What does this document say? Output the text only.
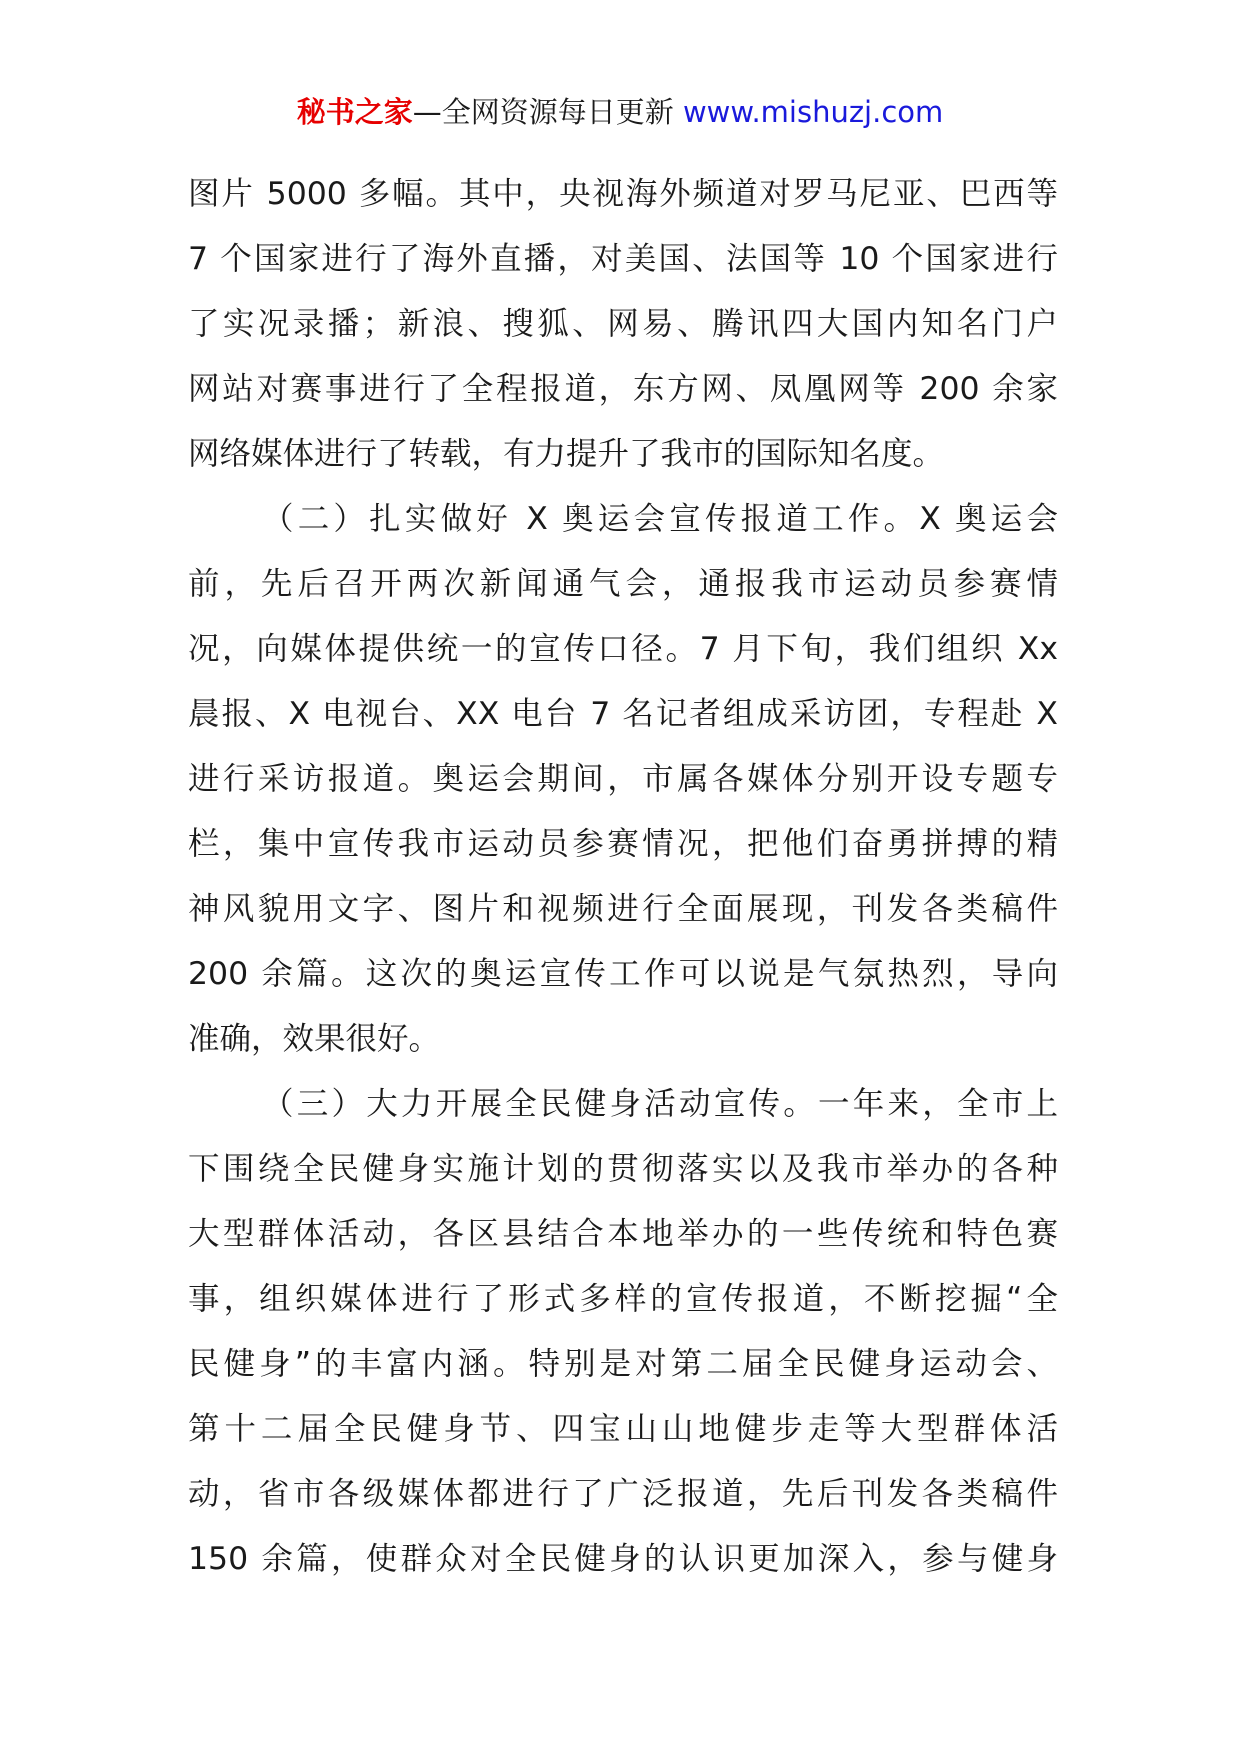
秘书之家—全网资源每日更新 www.mishuzj.com
图片 5000 多幅。其中，央视海外频道对罗马尼亚、巴西等
7 个国家进行了海外直播，对美国、法国等 10 个国家进行
了实况录播；新浪、搜狐、网易、腾讯四大国内知名门户
网站对赛事进行了全程报道，东方网、凤凰网等 200 余家
网络媒体进行了转载，有力提升了我市的国际知名度。
（二）扎实做好 X 奥运会宣传报道工作。X 奥运会
前，先后召开两次新闻通气会，通报我市运动员参赛情
况，向媒体提供统一的宣传口径。7 月下旬，我们组织 Xx
晨报、X 电视台、XX 电台 7 名记者组成采访团，专程赴 X
进行采访报道。奥运会期间，市属各媒体分别开设专题专
栏，集中宣传我市运动员参赛情况，把他们奋勇拼搏的精
神风貌用文字、图片和视频进行全面展现，刊发各类稿件
200 余篇。这次的奥运宣传工作可以说是气氛热烈，导向
准确，效果很好。
（三）大力开展全民健身活动宣传。一年来，全市上
下围绕全民健身实施计划的贯彻落实以及我市举办的各种
大型群体活动，各区县结合本地举办的一些传统和特色赛
事，组织媒体进行了形式多样的宣传报道，不断挖掘“全
民健身”的丰富内涵。特别是对第二届全民健身运动会、
第十二届全民健身节、四宝山山地健步走等大型群体活
动，省市各级媒体都进行了广泛报道，先后刊发各类稿件
150 余篇，使群众对全民健身的认识更加深入，参与健身
